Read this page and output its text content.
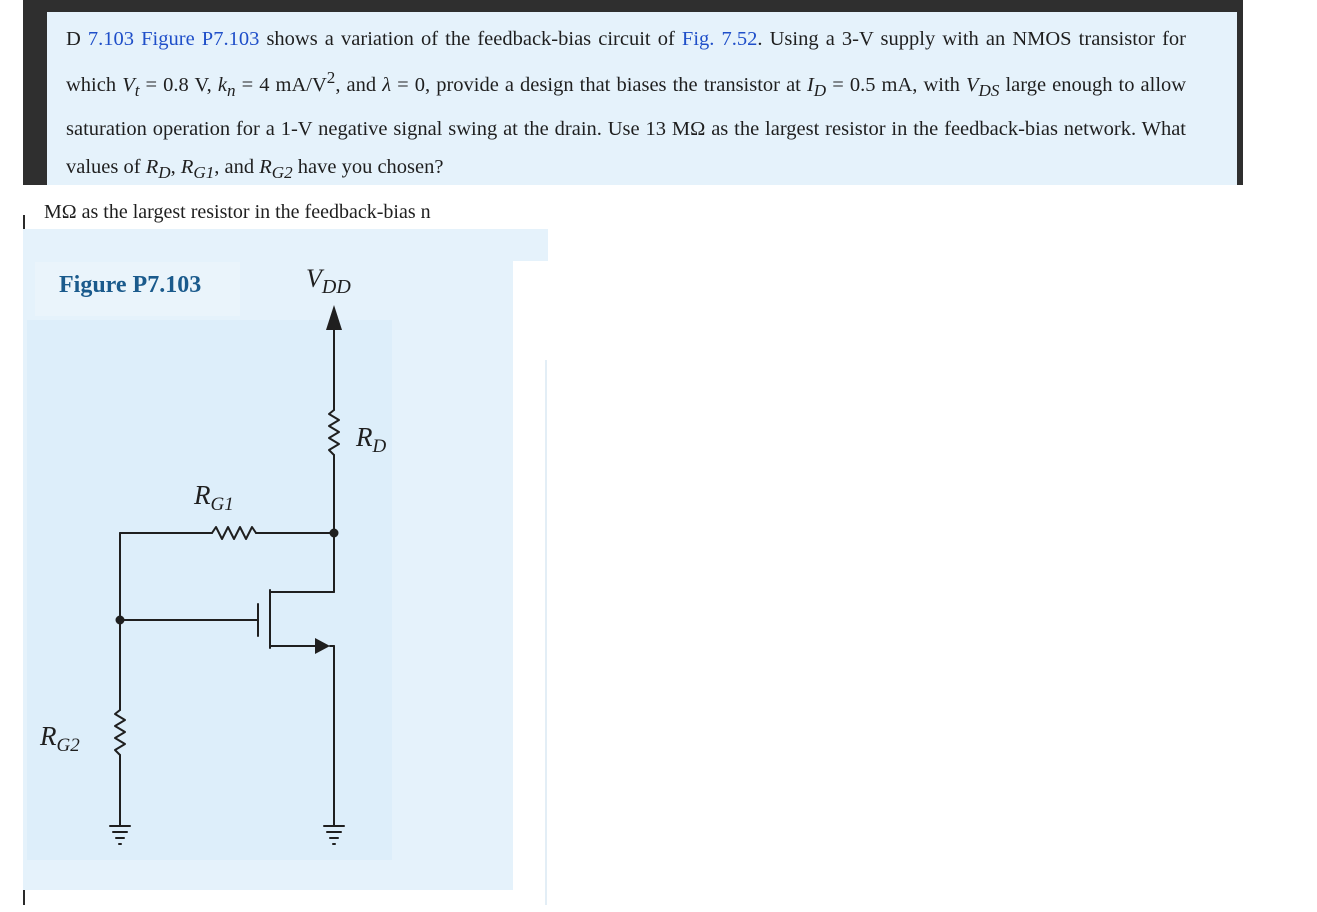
D 7.103 Figure P7.103 shows a variation of the feedback-bias circuit of Fig. 7.52. Using a 3-V supply with an NMOS transistor for which $V_t = 0.8$ V, $k_n = 4$ $mA/V^2$, and λ = 0, provide a design that biases the transistor at $I_D = 0.5$ mA, with $V_{DS}$ large enough to allow saturation operation for a 1-V negative signal swing at the drain. Use 13 MΩ as the largest resistor in the feedback-bias network. What values of $R_D$, $R_{G1}$, and $R_{G2}$ have you chosen?

MΩ as the largest resistor in the feedback-bias n
Figure P7.103	$V_{DD}$
$R_D$
$R_{G1}$
$R_{G2}$
